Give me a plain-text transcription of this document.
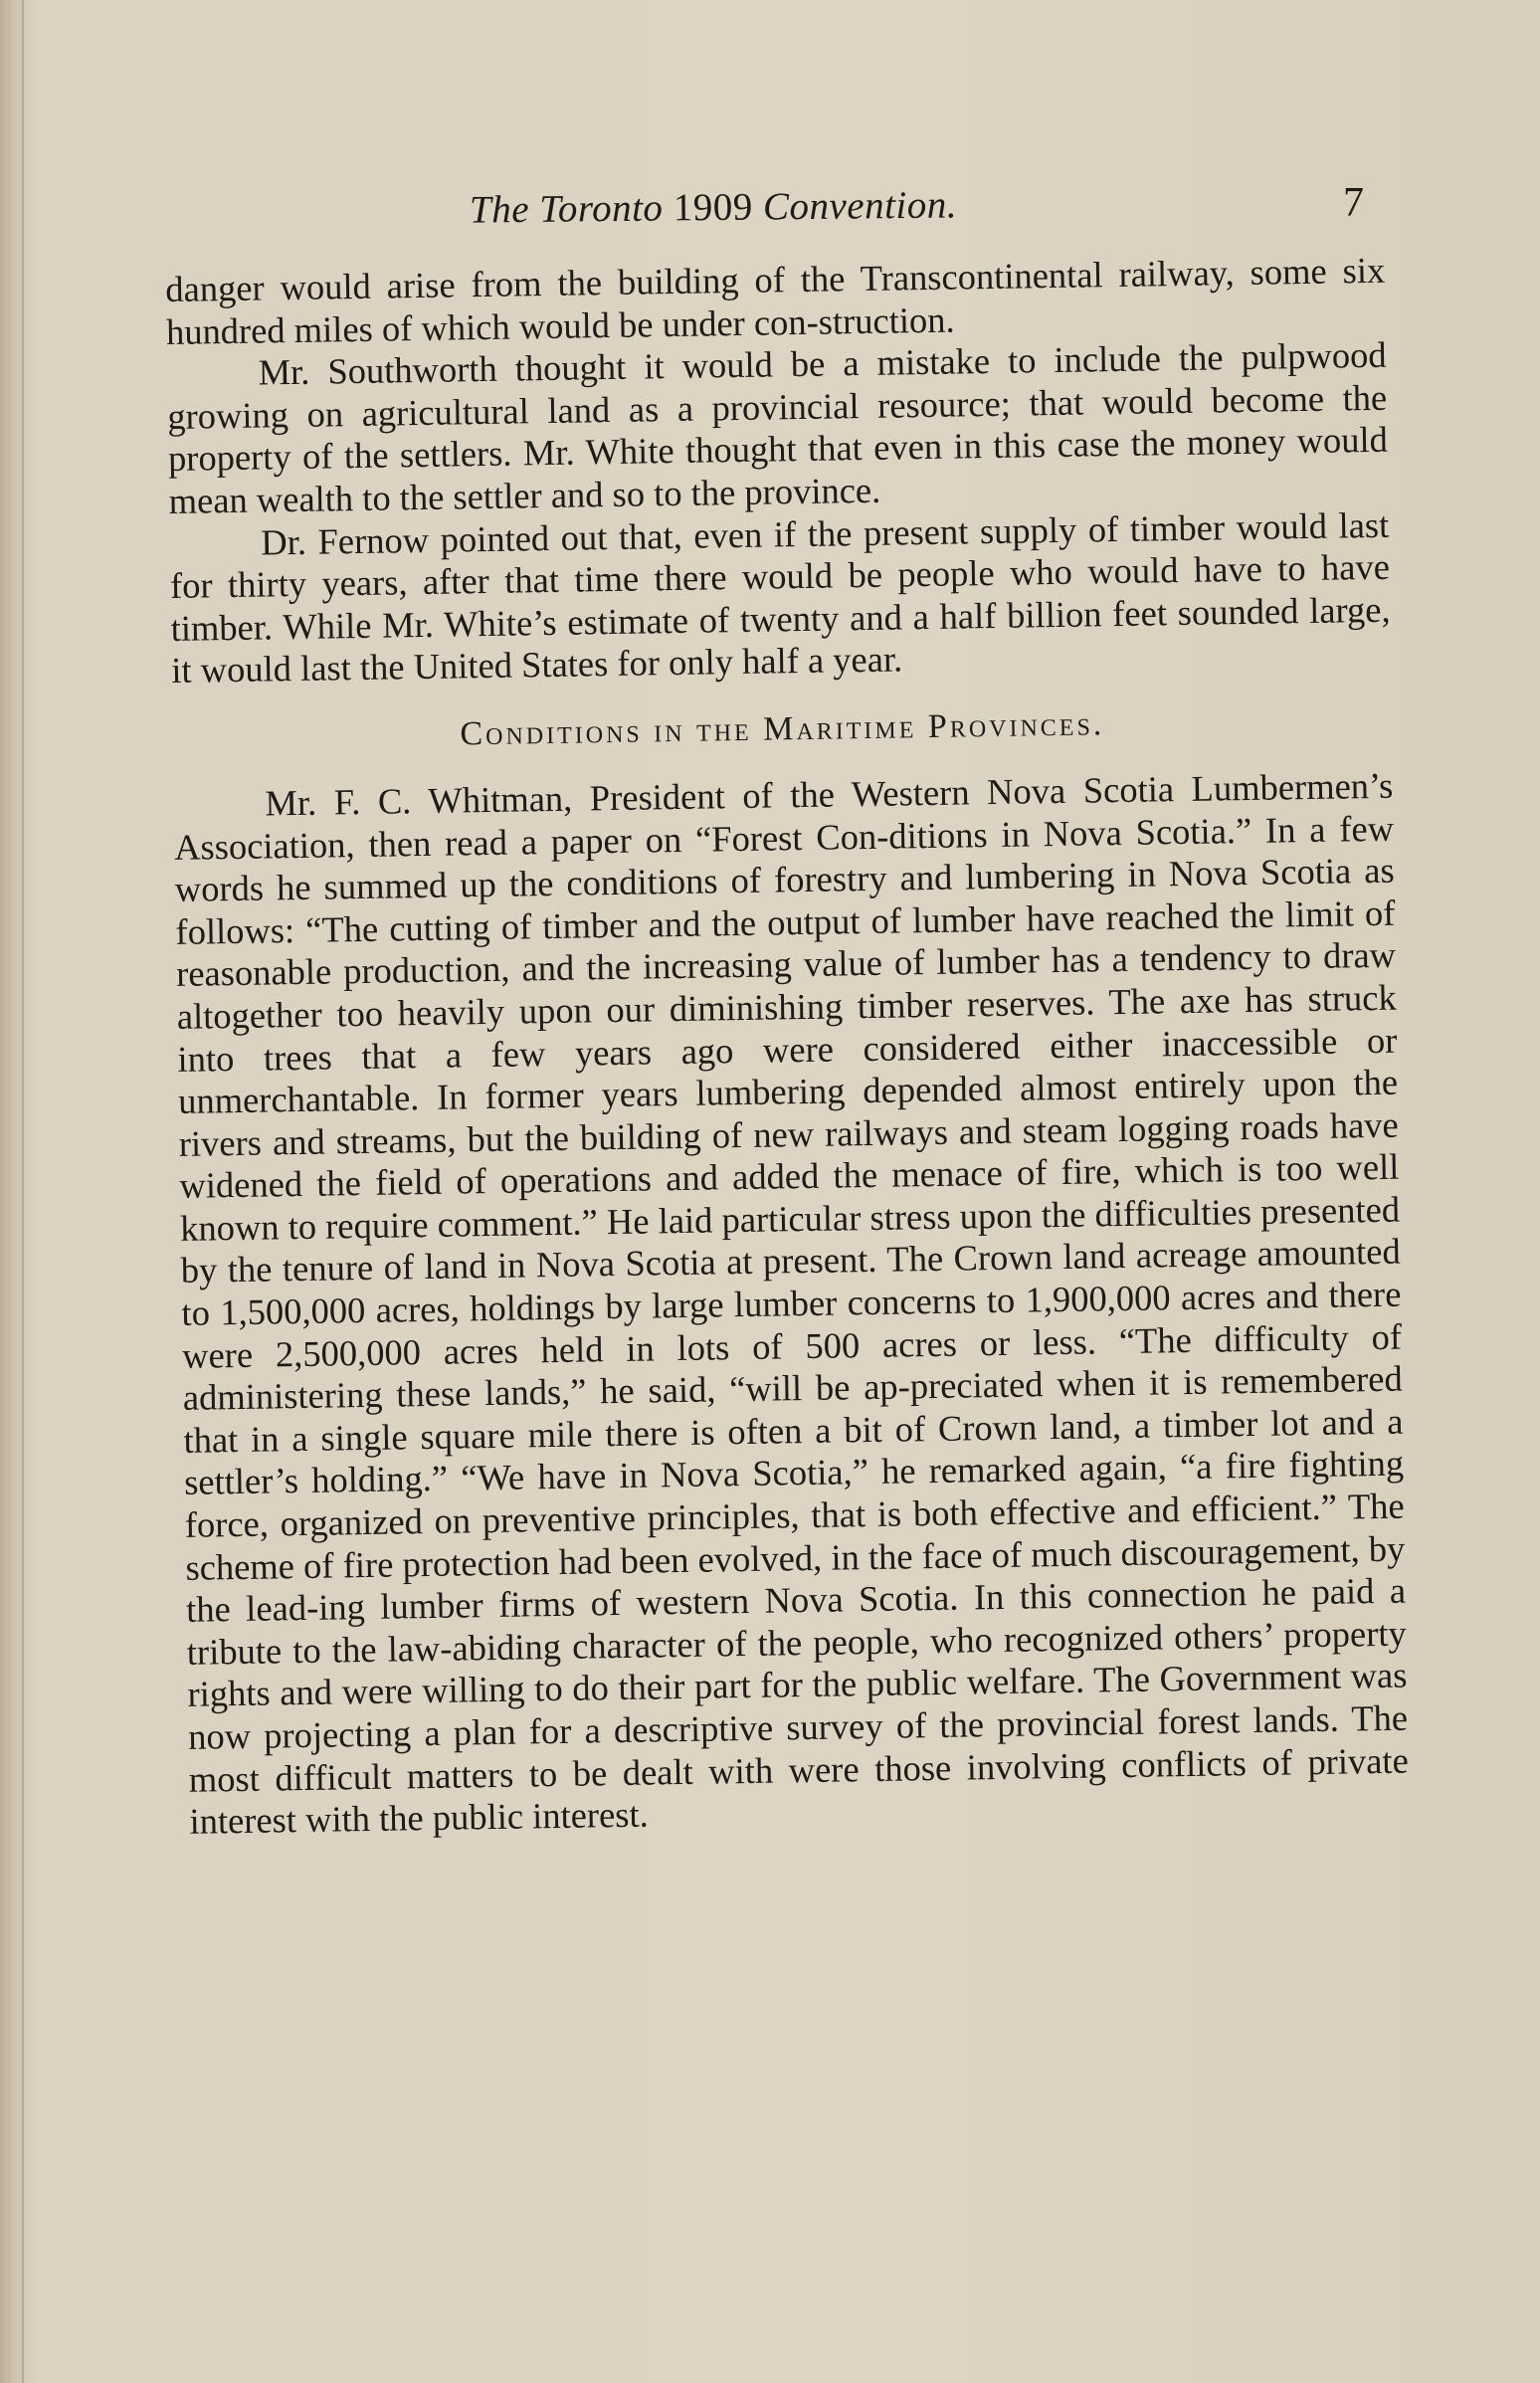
The Toronto 1909 Convention.	7

danger would arise from the building of the Transcontinental railway, some six hundred miles of which would be under con-struction.

Mr. Southworth thought it would be a mistake to include the pulpwood growing on agricultural land as a provincial resource; that would become the property of the settlers. Mr. White thought that even in this case the money would mean wealth to the settler and so to the province.

Dr. Fernow pointed out that, even if the present supply of timber would last for thirty years, after that time there would be people who would have to have timber. While Mr. White’s estimate of twenty and a half billion feet sounded large, it would last the United States for only half a year.

Conditions in the Maritime Provinces.

Mr. F. C. Whitman, President of the Western Nova Scotia Lumbermen’s Association, then read a paper on “Forest Con-ditions in Nova Scotia.” In a few words he summed up the conditions of forestry and lumbering in Nova Scotia as follows: “The cutting of timber and the output of lumber have reached the limit of reasonable production, and the increasing value of lumber has a tendency to draw altogether too heavily upon our diminishing timber reserves. The axe has struck into trees that a few years ago were considered either inaccessible or unmerchantable. In former years lumbering depended almost entirely upon the rivers and streams, but the building of new railways and steam logging roads have widened the field of operations and added the menace of fire, which is too well known to require comment.” He laid particular stress upon the difficulties presented by the tenure of land in Nova Scotia at present. The Crown land acreage amounted to 1,500,000 acres, holdings by large lumber concerns to 1,900,000 acres and there were 2,500,000 acres held in lots of 500 acres or less. “The difficulty of administering these lands,” he said, “will be ap-preciated when it is remembered that in a single square mile there is often a bit of Crown land, a timber lot and a settler’s holding.” “We have in Nova Scotia,” he remarked again, “a fire fighting force, organized on preventive principles, that is both effective and efficient.” The scheme of fire protection had been evolved, in the face of much discouragement, by the lead-ing lumber firms of western Nova Scotia. In this connection he paid a tribute to the law-abiding character of the people, who recognized others’ property rights and were willing to do their part for the public welfare. The Government was now projecting a plan for a descriptive survey of the provincial forest lands. The most difficult matters to be dealt with were those involving conflicts of private interest with the public interest.
